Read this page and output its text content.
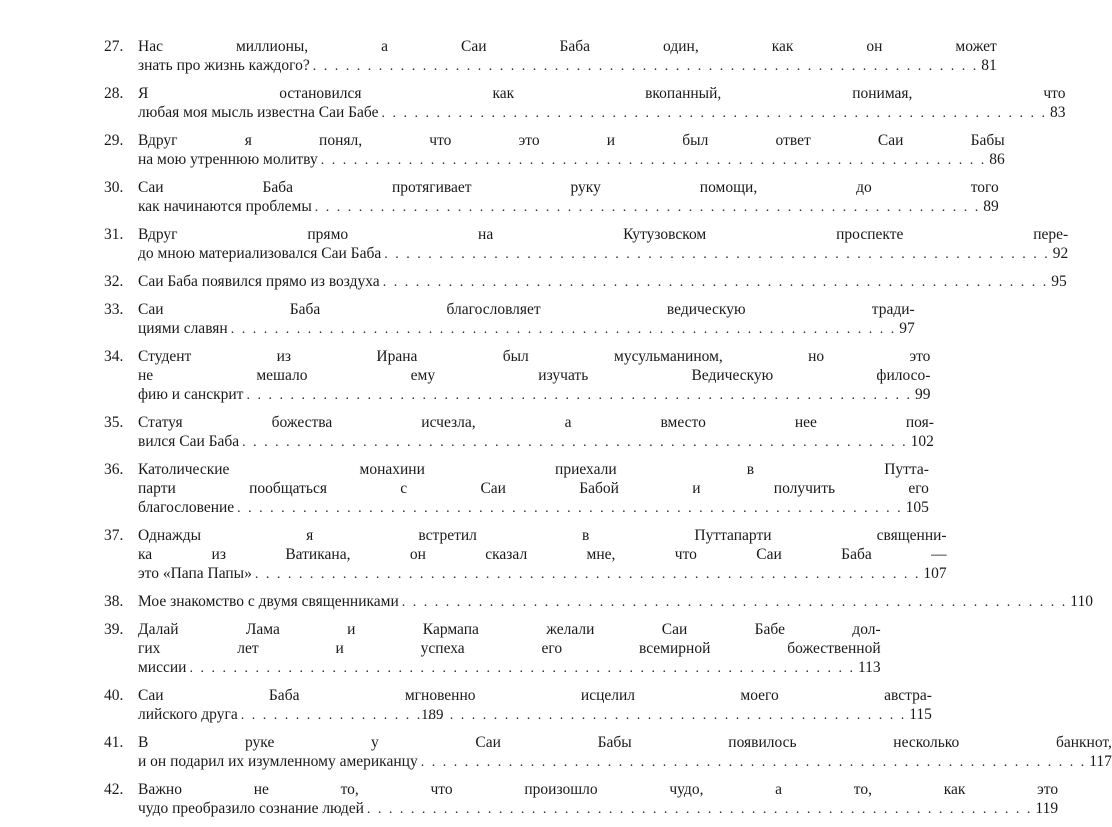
27. Нас миллионы, а Саи Баба один, как он может
знать про жизнь каждого? . . .	81
28. Я остановился как вкопанный, понимая, что
любая моя мысль известна Саи Бабе . . .	83
29. Вдруг я понял, что это и был ответ Саи Бабы
на мою утреннюю молитву . . .	86
30. Саи Баба протягивает руку помощи, до того
как начинаются проблемы . . .	89
31. Вдруг прямо на Кутузовском проспекте пере-
до мною материализовался Саи Баба . . .	92
32. Саи Баба появился прямо из воздуха . . .	95
33. Саи Баба благословляет ведическую тради-
циями славян . . .	97
34. Студент из Ирана был мусульманином, но это
не мешало ему изучать Ведическую филосо-
фию и санскрит . . .	99
35. Статуя божества исчезла, а вместо нее поя-
вился Саи Баба . . .	102
36. Католические монахини приехали в Путта-
парти пообщаться с Саи Бабой и получить его
благословение . . .	105
37. Однажды я встретил в Путтапарти священни-
ка из Ватикана, он сказал мне, что Саи Баба —
это «Папа Папы» . . .	107
38. Мое знакомство с двумя священниками . . .	110
39. Далай Лама и Кармапа желали Саи Бабе дол-
гих лет и успеха его всемирной божественной
миссии . . .	113
40. Саи Баба мгновенно исцелил моего австра-
лийского друга . . .	115
41. В руке у Саи Бабы появилось несколько банкнот,
и он подарил их изумленному американцу . . .	117
42. Важно не то, что произошло чудо, а то, как это
чудо преобразило сознание людей . . .	119
189
